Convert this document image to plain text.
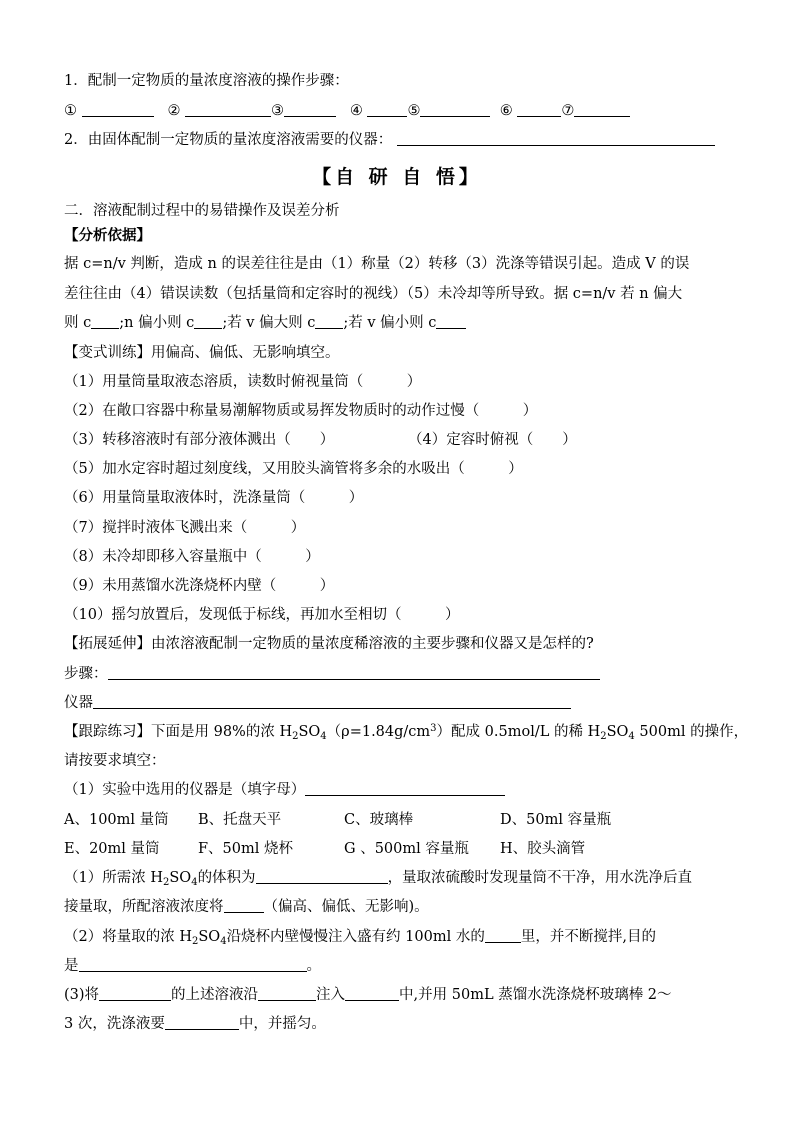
1．配制一定物质的量浓度溶液的操作步骤：
①	②	③	④	⑤	⑥	⑦
2．由固体配制一定物质的量浓度溶液需要的仪器：
【自 研 自 悟】
二．溶液配制过程中的易错操作及误差分析
【分析依据】
据 c=n/v 判断，造成 n 的误差往往是由（1）称量（2）转移（3）洗涤等错误引起。造成 V 的误
差往往由（4）错误读数（包括量筒和定容时的视线）（5）未冷却等所导致。据 c=n/v 若 n 偏大
则 c ;n 偏小则 c ;若 v 偏大则 c ;若 v 偏小则 c
【变式训练】用偏高、偏低、无影响填空。
（1）用量筒量取液态溶质，读数时俯视量筒（　　　）
（2）在敞口容器中称量易潮解物质或易挥发物质时的动作过慢（　　　）
（3）转移溶液时有部分液体溅出（　　）	（4）定容时俯视（　　）
（5）加水定容时超过刻度线，又用胶头滴管将多余的水吸出（　　　）
（6）用量筒量取液体时，洗涤量筒（　　　）
（7）搅拌时液体飞溅出来（　　　）
（8）未冷却即移入容量瓶中（　　　）
（9）未用蒸馏水洗涤烧杯内壁（　　　）
（10）摇匀放置后，发现低于标线，再加水至相切（　　　）
【拓展延伸】由浓溶液配制一定物质的量浓度稀溶液的主要步骤和仪器又是怎样的?
步骤：
仪器
【跟踪练习】下面是用 98%的浓 $H_2SO_4(\rho=1.84g/cm^3)$配成 0.5mol/L 的稀 $H_2SO_4$ 500ml 的操作，
请按要求填空：
（1）实验中选用的仪器是（填字母）
A、100ml 量筒 B、托盘天平	C、玻璃棒	D、50ml 容量瓶
E、20ml 量筒	F、50ml 烧杯	G 、500ml 容量瓶 H、胶头滴管
（1）所需浓 $H_2SO_4$的体积为	，量取浓硫酸时发现量筒不干净，用水洗净后直
接量取，所配溶液浓度将	（偏高、偏低、无影响)。
（2）将量取的浓 $H_2SO_4$沿烧杯内壁慢慢注入盛有约 100ml 水的 里，并不断搅拌,目的
是	。
(3)将	的上述溶液沿	注入	中,并用 50mL 蒸馏水洗涤烧杯玻璃棒 2～
3 次，洗涤液要	中，并摇匀。
